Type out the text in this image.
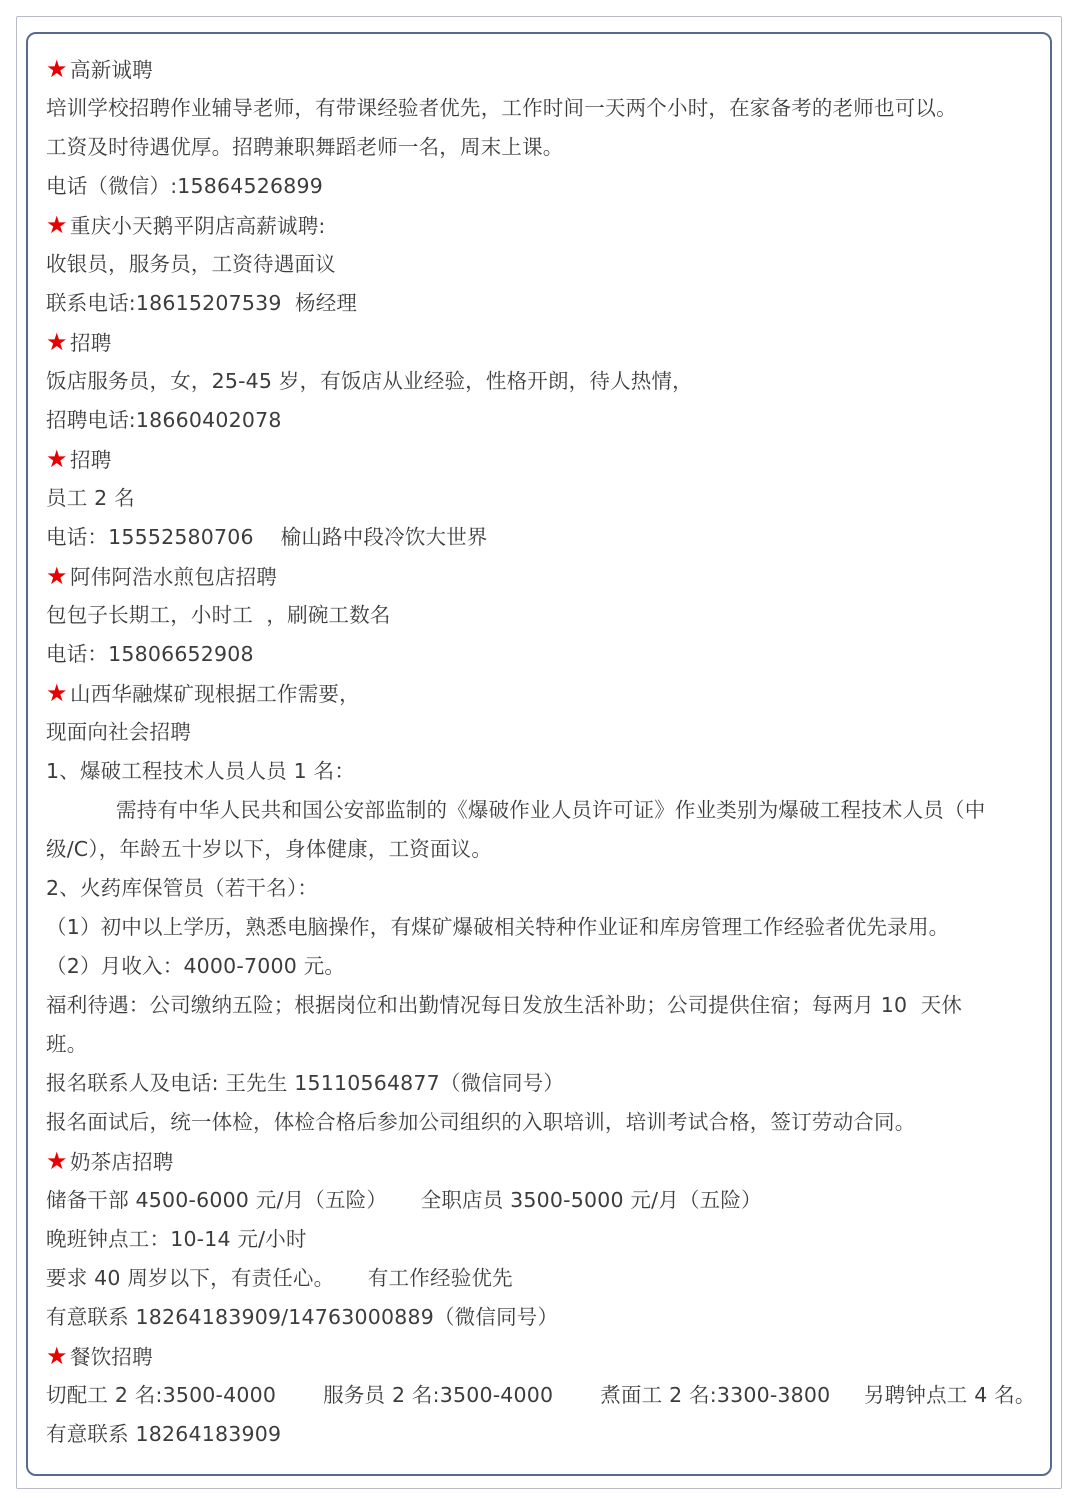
★ 高新诚聘
培训学校招聘作业辅导老师，有带课经验者优先，工作时间一天两个小时，在家备考的老师也可以。
工资及时待遇优厚。招聘兼职舞蹈老师一名，周末上课。
电话（微信）:15864526899
★ 重庆小天鹅平阴店高薪诚聘:
收银员，服务员，工资待遇面议
联系电话:18615207539  杨经理
★ 招聘
饭店服务员，女，25-45 岁，有饭店从业经验，性格开朗，待人热情，
招聘电话:18660402078
★ 招聘
员工 2 名
电话：15552580706    榆山路中段冷饮大世界
★ 阿伟阿浩水煎包店招聘
包包子长期工，小时工  ，刷碗工数名
电话：15806652908
★ 山西华融煤矿现根据工作需要，
现面向社会招聘
1、爆破工程技术人员人员 1 名：
需持有中华人民共和国公安部监制的《爆破作业人员许可证》作业类别为爆破工程技术人员（中
级/C），年龄五十岁以下，身体健康，工资面议。
2、火药库保管员（若干名）：
（1）初中以上学历，熟悉电脑操作，有煤矿爆破相关特种作业证和库房管理工作经验者优先录用。
（2）月收入：4000-7000 元。
福利待遇：公司缴纳五险；根据岗位和出勤情况每日发放生活补助；公司提供住宿；每两月 10  天休
班。
报名联系人及电话: 王先生 15110564877（微信同号）
报名面试后，统一体检，体检合格后参加公司组织的入职培训，培训考试合格，签订劳动合同。
★ 奶茶店招聘
储备干部 4500-6000 元/月（五险）     全职店员 3500-5000 元/月（五险）
晚班钟点工：10-14 元/小时
要求 40 周岁以下，有责任心。     有工作经验优先
有意联系 18264183909/14763000889（微信同号）
★ 餐饮招聘
切配工 2 名:3500-4000       服务员 2 名:3500-4000       煮面工 2 名:3300-3800     另聘钟点工 4 名。
有意联系 18264183909
